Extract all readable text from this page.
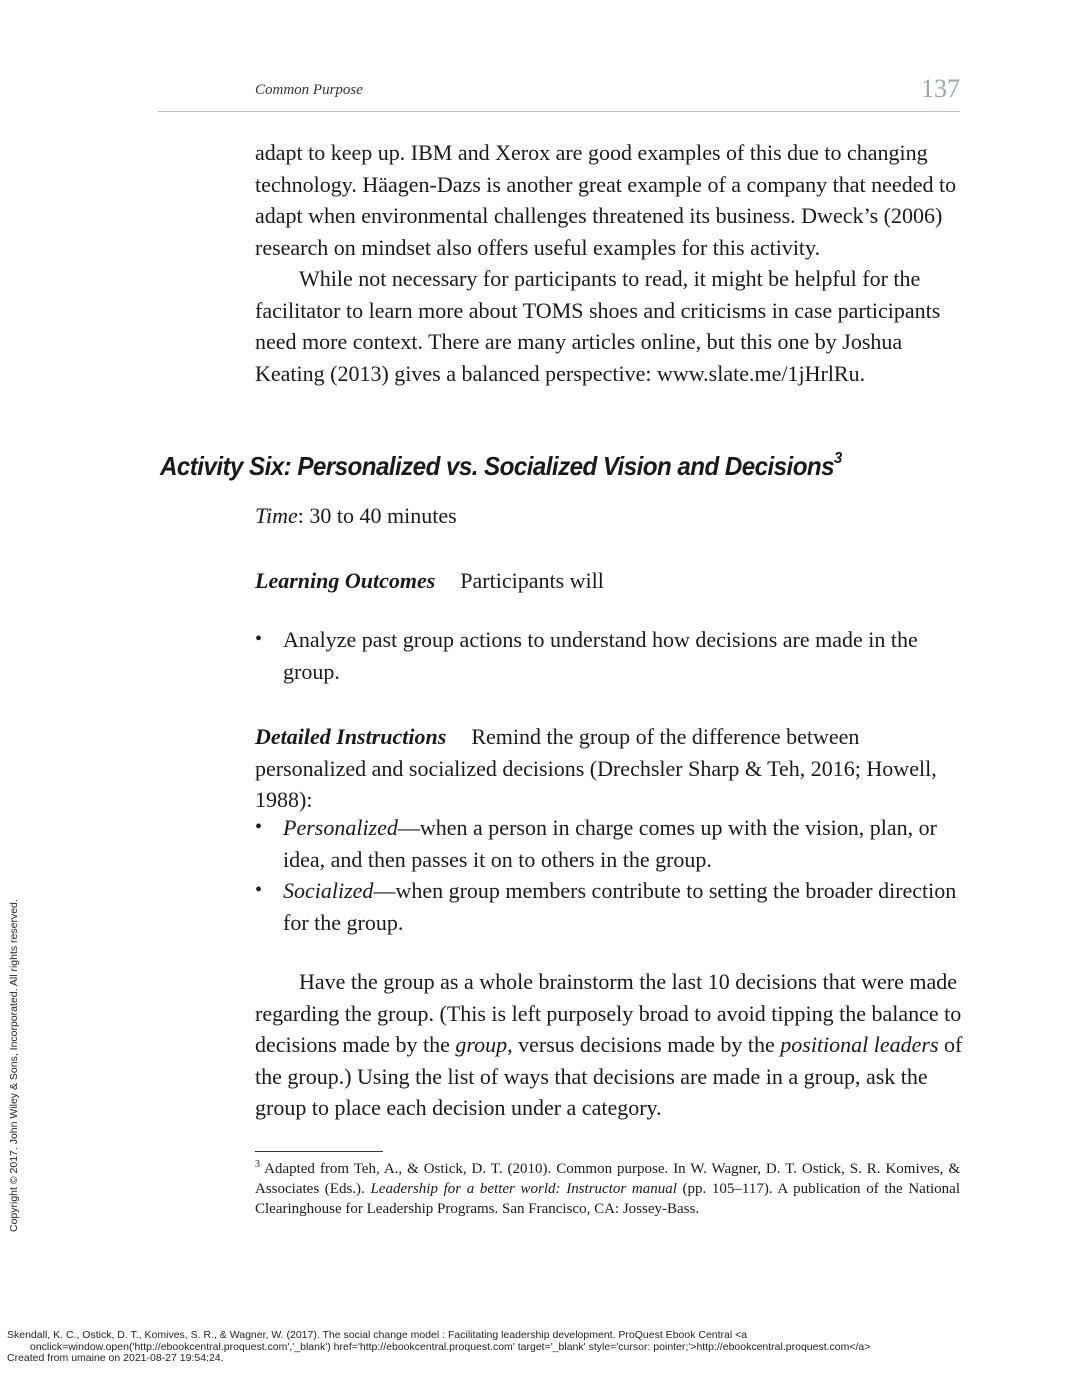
Common Purpose	137

adapt to keep up. IBM and Xerox are good examples of this due to changing technology. Häagen-Dazs is another great example of a company that needed to adapt when environmental challenges threatened its business. Dweck’s (2006) research on mindset also offers useful examples for this activity.

While not necessary for participants to read, it might be helpful for the facilitator to learn more about TOMS shoes and criticisms in case participants need more context. There are many articles online, but this one by Joshua Keating (2013) gives a balanced perspective: www.slate.me/1jHrlRu.

Activity Six: Personalized vs. Socialized Vision and Decisions$^3$
Time: 30 to 40 minutes
Learning Outcomes Participants will
• Analyze past group actions to understand how decisions are made in the group.
Detailed Instructions Remind the group of the difference between personalized and socialized decisions (Drechsler Sharp & Teh, 2016; Howell, 1988):
• Personalized—when a person in charge comes up with the vision, plan, or idea, and then passes it on to others in the group.
• Socialized—when group members contribute to setting the broader direction for the group.

Have the group as a whole brainstorm the last 10 decisions that were made regarding the group. (This is left purposely broad to avoid tipping the balance to decisions made by the group, versus decisions made by the positional leaders of the group.) Using the list of ways that decisions are made in a group, ask the group to place each decision under a category.

$^3$ Adapted from Teh, A., & Ostick, D. T. (2010). Common purpose. In W. Wagner, D. T. Ostick, S. R. Komives, & Associates (Eds.). Leadership for a better world: Instructor manual (pp. 105–117). A publication of the National Clearinghouse for Leadership Programs. San Francisco, CA: Jossey-Bass.
Copyright © 2017. John Wiley & Sons, Incorporated. All rights reserved.
Skendall, K. C., Ostick, D. T., Komives, S. R., & Wagner, W. (2017). The social change model : Facilitating leadership development. ProQuest Ebook Central <a
onclick=window.open('http://ebookcentral.proquest.com','_blank') href='http://ebookcentral.proquest.com' target='_blank' style='cursor: pointer;'>http://ebookcentral.proquest.com</a>
Created from umaine on 2021-08-27 19:54:24.
